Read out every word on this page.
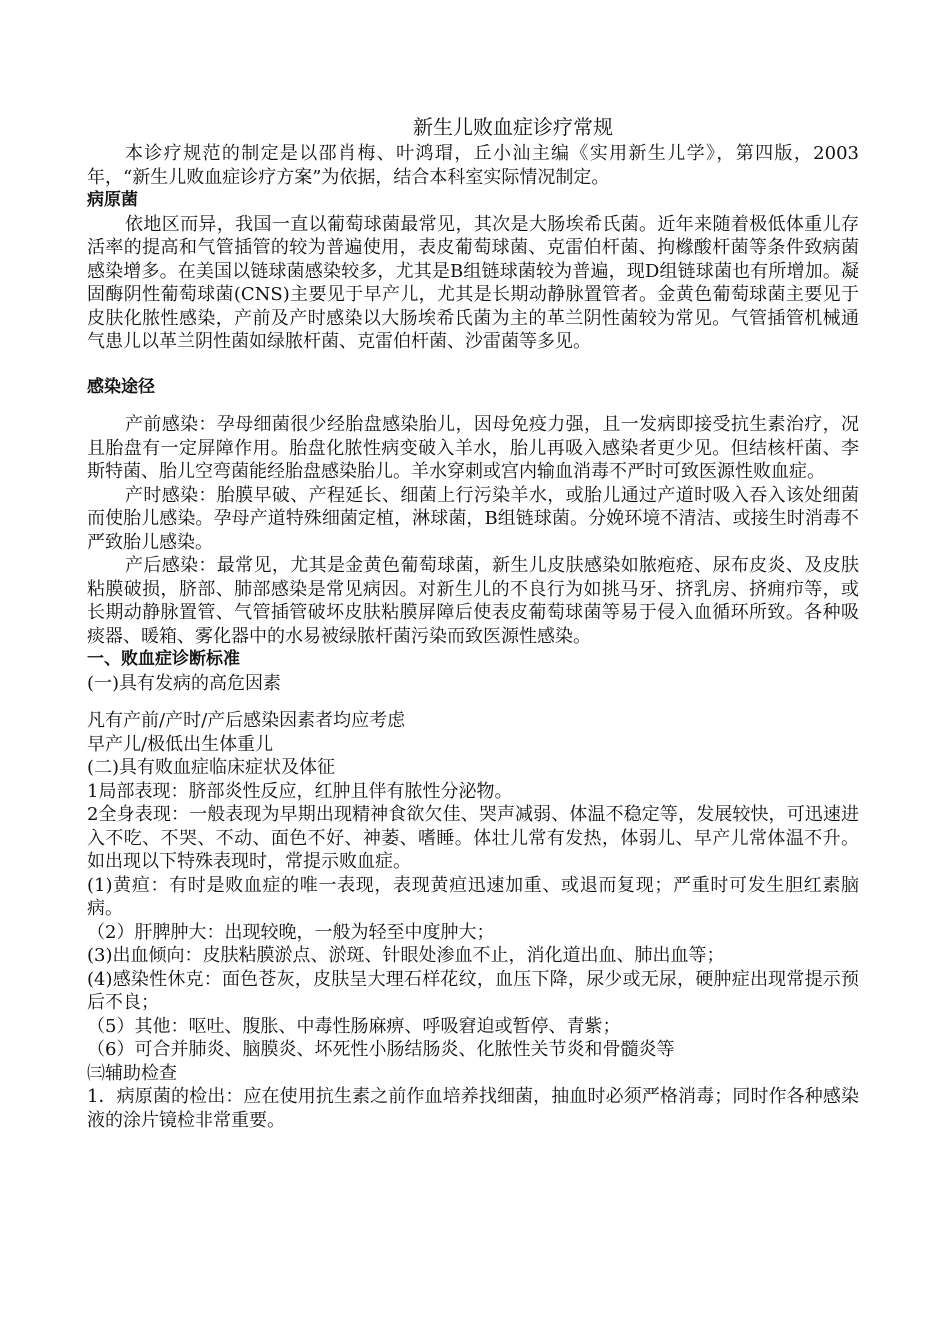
新生儿败血症诊疗常规

本诊疗规范的制定是以邵肖梅、叶鸿瑁，丘小汕主编《实用新生儿学》，第四版，2003年，“新生儿败血症诊疗方案”为依据，结合本科室实际情况制定。

病原菌

依地区而异，我国一直以葡萄球菌最常见，其次是大肠埃希氏菌。近年来随着极低体重儿存活率的提高和气管插管的较为普遍使用，表皮葡萄球菌、克雷伯杆菌、拘橼酸杆菌等条件致病菌感染增多。在美国以链球菌感染较多，尤其是B组链球菌较为普遍，现D组链球菌也有所增加。凝固酶阴性葡萄球菌(CNS)主要见于早产儿，尤其是长期动静脉置管者。金黄色葡萄球菌主要见于皮肤化脓性感染，产前及产时感染以大肠埃希氏菌为主的革兰阴性菌较为常见。气管插管机械通气患儿以革兰阴性菌如绿脓杆菌、克雷伯杆菌、沙雷菌等多见。

感染途径

产前感染：孕母细菌很少经胎盘感染胎儿，因母免疫力强，且一发病即接受抗生素治疗，况且胎盘有一定屏障作用。胎盘化脓性病变破入羊水，胎儿再吸入感染者更少见。但结核杆菌、李斯特菌、胎儿空弯菌能经胎盘感染胎儿。羊水穿刺或宫内输血消毒不严时可致医源性败血症。

产时感染：胎膜早破、产程延长、细菌上行污染羊水，或胎儿通过产道时吸入吞入该处细菌而使胎儿感染。孕母产道特殊细菌定植，淋球菌，B组链球菌。分娩环境不清洁、或接生时消毒不严致胎儿感染。

产后感染：最常见，尤其是金黄色葡萄球菌，新生儿皮肤感染如脓疱疮、尿布皮炎、及皮肤粘膜破损，脐部、肺部感染是常见病因。对新生儿的不良行为如挑马牙、挤乳房、挤痈疖等，或长期动静脉置管、气管插管破坏皮肤粘膜屏障后使表皮葡萄球菌等易于侵入血循环所致。各种吸痰器、暖箱、雾化器中的水易被绿脓杆菌污染而致医源性感染。

一、败血症诊断标准

(一)具有发病的高危因素

凡有产前/产时/产后感染因素者均应考虑

早产儿/极低出生体重儿

(二)具有败血症临床症状及体征

1局部表现：脐部炎性反应，红肿且伴有脓性分泌物。

2全身表现：一般表现为早期出现精神食欲欠佳、哭声减弱、体温不稳定等，发展较快，可迅速进入不吃、不哭、不动、面色不好、神萎、嗜睡。体壮儿常有发热，体弱儿、早产儿常体温不升。如出现以下特殊表现时，常提示败血症。

(1)黄疸：有时是败血症的唯一表现，表现黄疸迅速加重、或退而复现；严重时可发生胆红素脑病。

（2）肝脾肿大：出现较晚，一般为轻至中度肿大；

(3)出血倾向：皮肤粘膜淤点、淤斑、针眼处渗血不止，消化道出血、肺出血等；

(4)感染性休克：面色苍灰，皮肤呈大理石样花纹，血压下降，尿少或无尿，硬肿症出现常提示预后不良；

（5）其他：呕吐、腹胀、中毒性肠麻痹、呼吸窘迫或暂停、青紫；

（6）可合并肺炎、脑膜炎、坏死性小肠结肠炎、化脓性关节炎和骨髓炎等

㈢辅助检查

1．病原菌的检出：应在使用抗生素之前作血培养找细菌，抽血时必须严格消毒；同时作各种感染液的涂片镜检非常重要。
